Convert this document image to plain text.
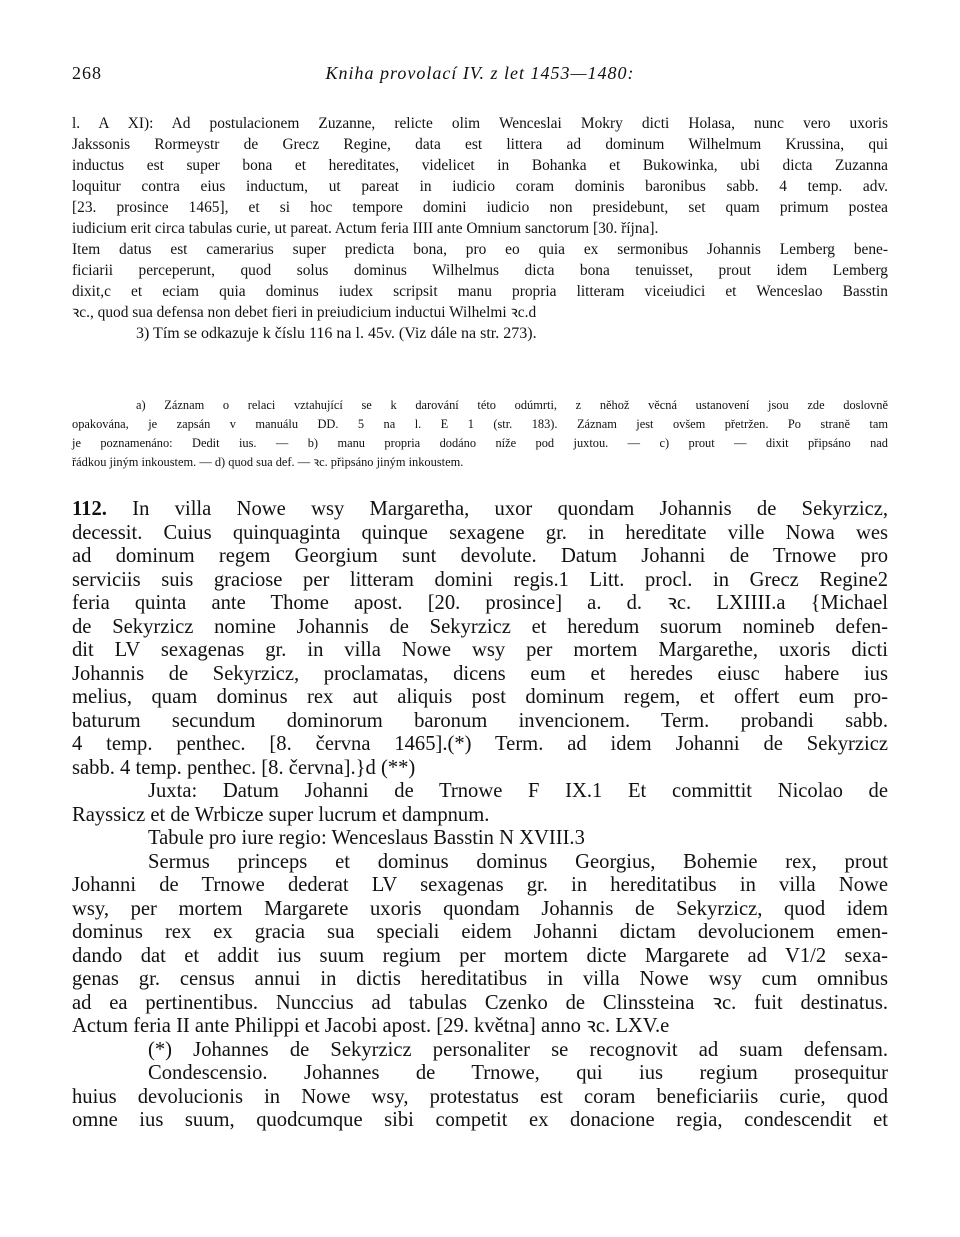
268	Kniha provolací IV. z let 1453—1480:
l. A XI): Ad postulacionem Zuzanne, relicte olim Wenceslai Mokry dicti Holasa, nunc vero uxoris
Jakssonis Rormeystr de Grecz Regine, data est littera ad dominum Wilhelmum Krussina, qui
inductus est super bona et hereditates, videlicet in Bohanka et Bukowinka, ubi dicta Zuzanna
loquitur contra eius inductum, ut pareat in iudicio coram dominis baronibus sabb. 4 temp. adv.
[23. prosince 1465], et si hoc tempore domini iudicio non presidebunt, set quam primum postea
iudicium erit circa tabulas curie, ut pareat. Actum feria IIII ante Omnium sanctorum [30. října].
Item datus est camerarius super predicta bona, pro eo quia ex sermonibus Johannis Lemberg bene-
ficiarii perceperunt, quod solus dominus Wilhelmus dicta bona tenuisset, prout idem Lemberg
dixit,c et eciam quia dominus iudex scripsit manu propria litteram viceiudici et Wenceslao Basstin
ꝛc., quod sua defensa non debet fieri in preiudicium inductui Wilhelmi ꝛc.d
3) Tím se odkazuje k číslu 116 na l. 45v. (Viz dále na str. 273).
a) Záznam o relaci vztahující se k darování této odúmrti, z něhož věcná ustanovení jsou zde doslovně
opakována, je zapsán v manuálu DD. 5 na l. E 1 (str. 183). Záznam jest ovšem přetržen. Po straně tam
je poznamenáno: Dedit ius. — b) manu propria dodáno níže pod juxtou. — c) prout — dixit připsáno nad
řádkou jiným inkoustem. — d) quod sua def. — ꝛc. připsáno jiným inkoustem.
112. In villa Nowe wsy Margaretha, uxor quondam Johannis de Sekyrzicz,
decessit. Cuius quinquaginta quinque sexagene gr. in hereditate ville Nowa wes
ad dominum regem Georgium sunt devolute. Datum Johanni de Trnowe pro
serviciis suis graciose per litteram domini regis.1 Litt. procl. in Grecz Regine2
feria quinta ante Thome apost. [20. prosince] a. d. ꝛc. LXIIII.a {Michael
de Sekyrzicz nomine Johannis de Sekyrzicz et heredum suorum nomineb defen-
dit LV sexagenas gr. in villa Nowe wsy per mortem Margarethe, uxoris dicti
Johannis de Sekyrzicz, proclamatas, dicens eum et heredes eiusc habere ius
melius, quam dominus rex aut aliquis post dominum regem, et offert eum pro-
baturum secundum dominorum baronum invencionem. Term. probandi sabb.
4 temp. penthec. [8. června 1465].(*) Term. ad idem Johanni de Sekyrzicz
sabb. 4 temp. penthec. [8. června].}d (**)
Juxta: Datum Johanni de Trnowe F IX.1 Et committit Nicolao de
Rayssicz et de Wrbicze super lucrum et dampnum.
Tabule pro iure regio: Wenceslaus Basstin N XVIII.3
Sermus princeps et dominus dominus Georgius, Bohemie rex, prout
Johanni de Trnowe dederat LV sexagenas gr. in hereditatibus in villa Nowe
wsy, per mortem Margarete uxoris quondam Johannis de Sekyrzicz, quod idem
dominus rex ex gracia sua speciali eidem Johanni dictam devolucionem emen-
dando dat et addit ius suum regium per mortem dicte Margarete ad V1/2 sexa-
genas gr. census annui in dictis hereditatibus in villa Nowe wsy cum omnibus
ad ea pertinentibus. Nunccius ad tabulas Czenko de Clinssteina ꝛc. fuit destinatus.
Actum feria II ante Philippi et Jacobi apost. [29. května] anno ꝛc. LXV.e
(*) Johannes de Sekyrzicz personaliter se recognovit ad suam defensam.
Condescensio. Johannes de Trnowe, qui ius regium prosequitur
huius devolucionis in Nowe wsy, protestatus est coram beneficiariis curie, quod
omne ius suum, quodcumque sibi competit ex donacione regia, condescendit et
